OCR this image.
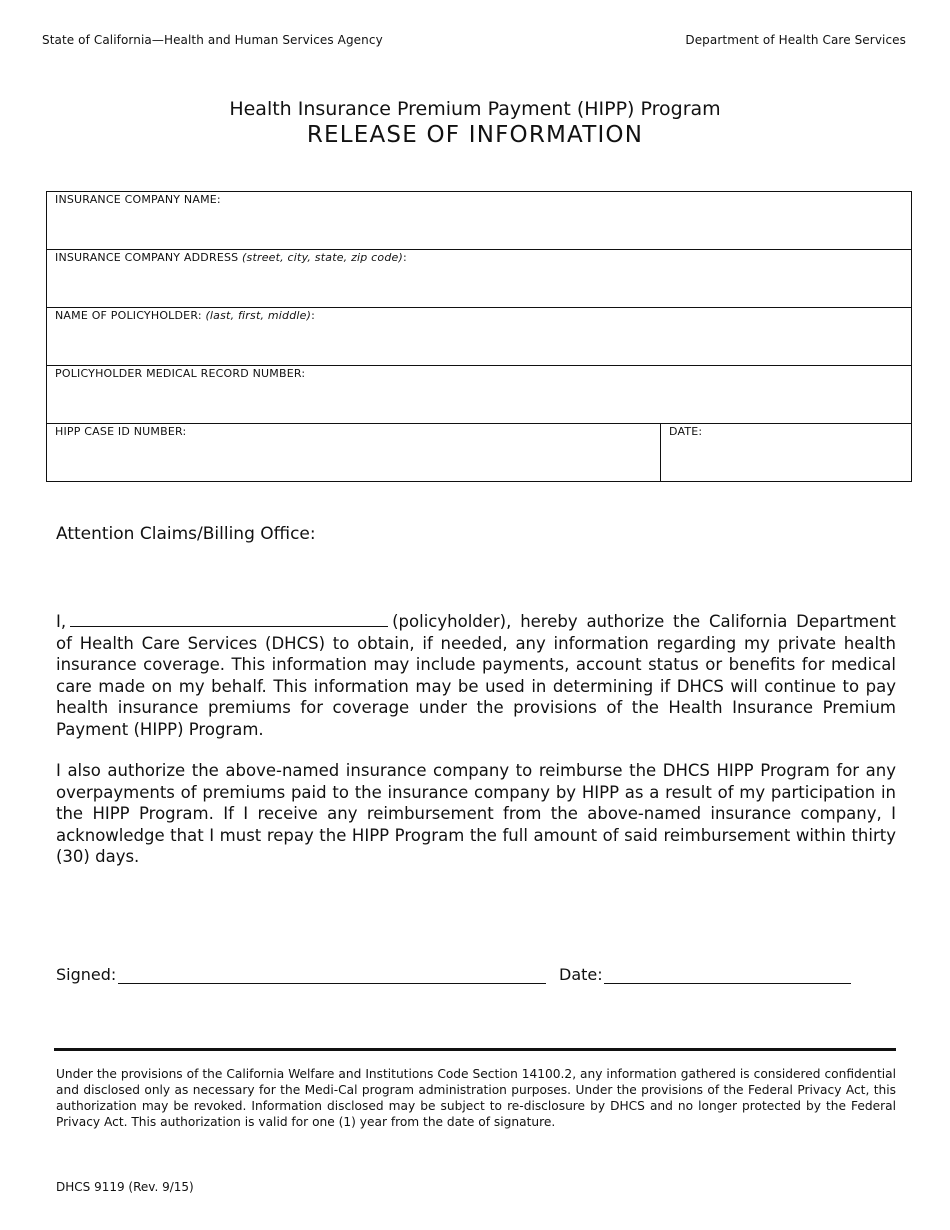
State of California—Health and Human Services Agency	Department of Health Care Services
Health Insurance Premium Payment (HIPP) Program
RELEASE OF INFORMATION
INSURANCE COMPANY NAME:
INSURANCE COMPANY ADDRESS (street, city, state, zip code):
NAME OF POLICYHOLDER: (last, first, middle):
POLICYHOLDER MEDICAL RECORD NUMBER:
HIPP CASE ID NUMBER:	DATE:
Attention Claims/Billing Office:
I,	(policyholder), hereby authorize the California Department of Health Care Services (DHCS) to obtain, if needed, any information regarding my private health insurance coverage. This information may include payments, account status or benefits for medical care made on my behalf. This information may be used in determining if DHCS will continue to pay health insurance premiums for coverage under the provisions of the Health Insurance Premium Payment (HIPP) Program.
I also authorize the above-named insurance company to reimburse the DHCS HIPP Program for any overpayments of premiums paid to the insurance company by HIPP as a result of my participation in the HIPP Program. If I receive any reimbursement from the above-named insurance company, I acknowledge that I must repay the HIPP Program the full amount of said reimbursement within thirty (30) days.
Signed:	Date:
Under the provisions of the California Welfare and Institutions Code Section 14100.2, any information gathered is considered confidential and disclosed only as necessary for the Medi-Cal program administration purposes. Under the provisions of the Federal Privacy Act, this authorization may be revoked. Information disclosed may be subject to re-disclosure by DHCS and no longer protected by the Federal Privacy Act. This authorization is valid for one (1) year from the date of signature.
DHCS 9119 (Rev. 9/15)
